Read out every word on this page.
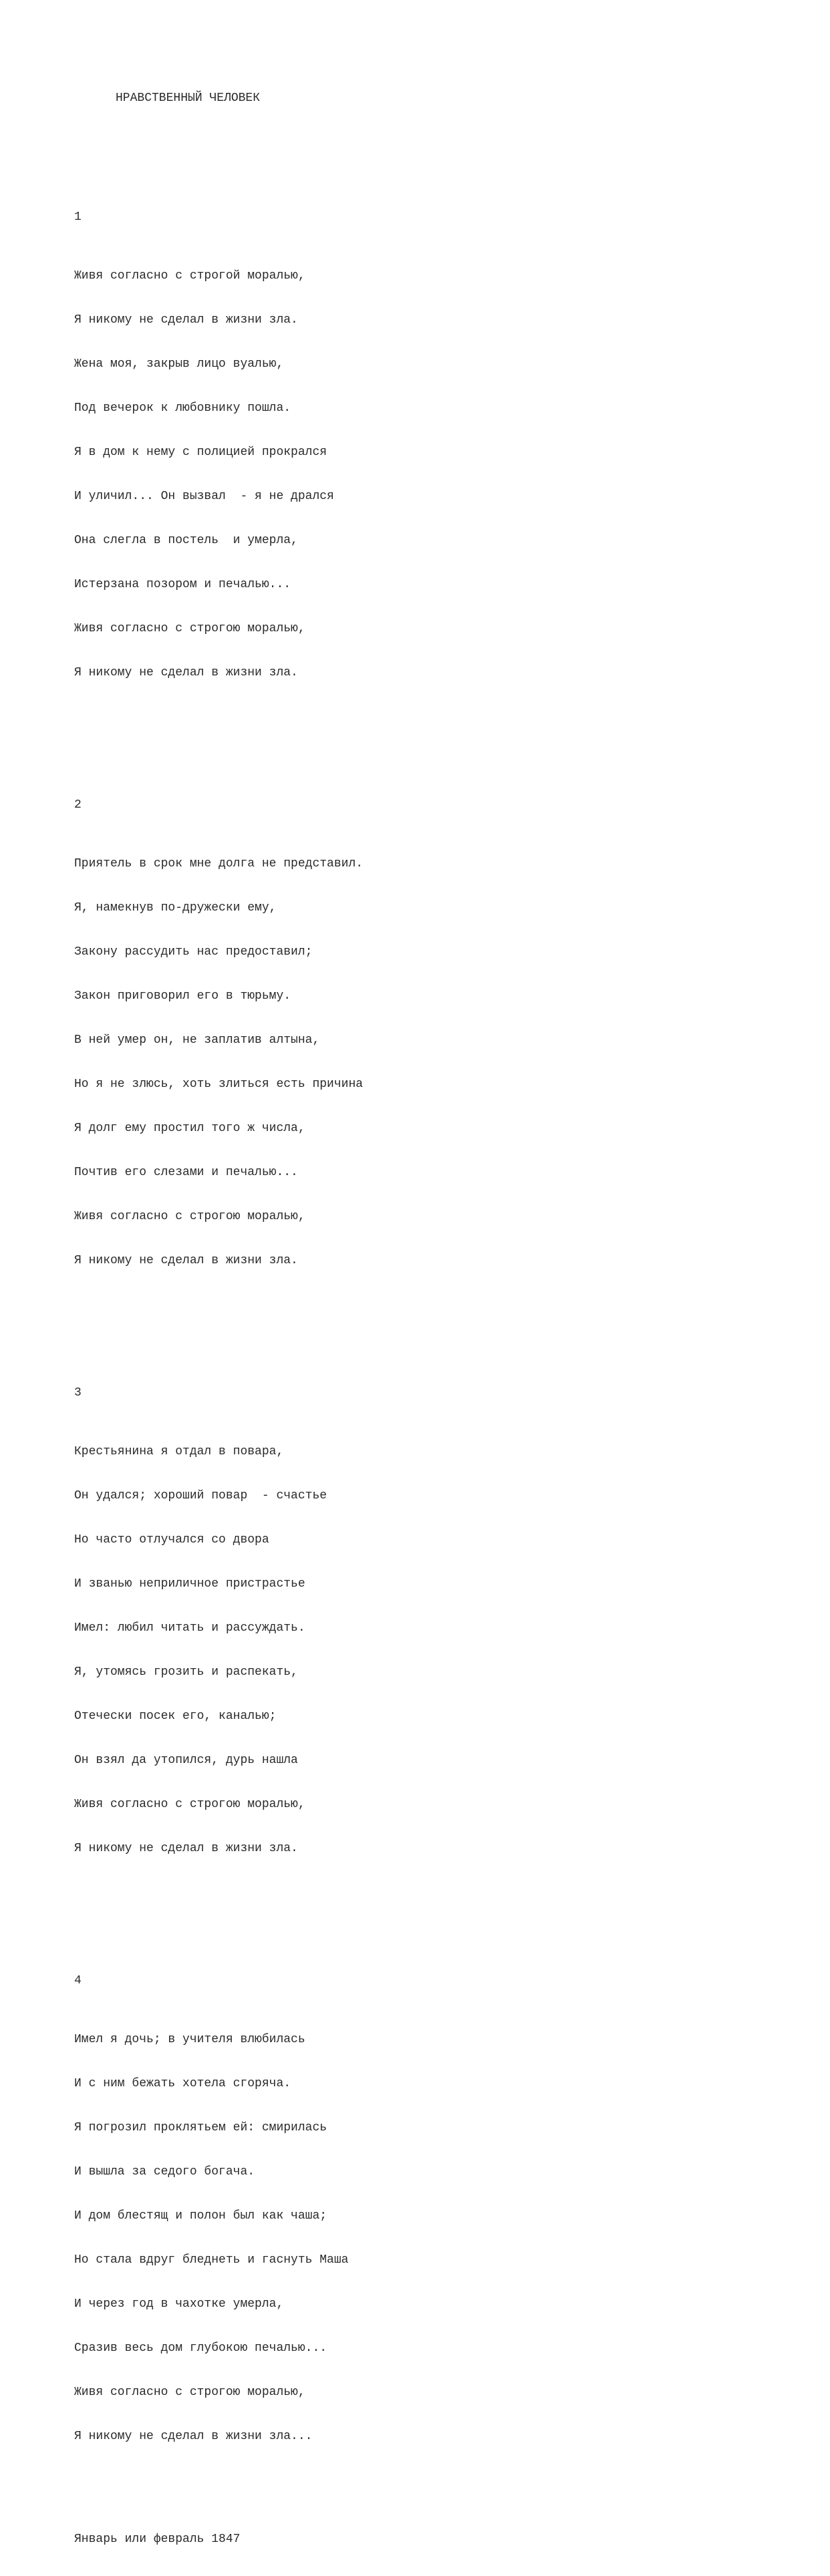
НРАВСТВЕННЫЙ ЧЕЛОВЕК

1

Живя согласно с строгой моралью,

Я никому не сделал в жизни зла.

Жена моя, закрыв лицо вуалью,

Под вечерок к любовнику пошла.

Я в дом к нему с полицией прокрался

И уличил... Он вызвал  - я не дрался

Она слегла в постель  и умерла,

Истерзана позором и печалью...

Живя согласно с строгою моралью,

Я никому не сделал в жизни зла.

2

Приятель в срок мне долга не представил.

Я, намекнув по-дружески ему,

Закону рассудить нас предоставил;

Закон приговорил его в тюрьму.

В ней умер он, не заплатив алтына,

Но я не злюсь, хоть злиться есть причина

Я долг ему простил того ж числа,

Почтив его слезами и печалью...

Живя согласно с строгою моралью,

Я никому не сделал в жизни зла.

3

Крестьянина я отдал в повара,

Он удался; хороший повар  - счастье

Но часто отлучался со двора

И званью неприличное пристрастье

Имел: любил читать и рассуждать.

Я, утомясь грозить и распекать,

Отечески посек его, каналью;

Он взял да утопился, дурь нашла

Живя согласно с строгою моралью,

Я никому не сделал в жизни зла.

4

Имел я дочь; в учителя влюбилась

И с ним бежать хотела сгоряча.

Я погрозил проклятьем ей: смирилась

И вышла за седого богача.

И дом блестящ и полон был как чаша;

Но стала вдруг бледнеть и гаснуть Маша

И через год в чахотке умерла,

Сразив весь дом глубокою печалью...

Живя согласно с строгою моралью,

Я никому не сделал в жизни зла...

Январь или февраль 1847
